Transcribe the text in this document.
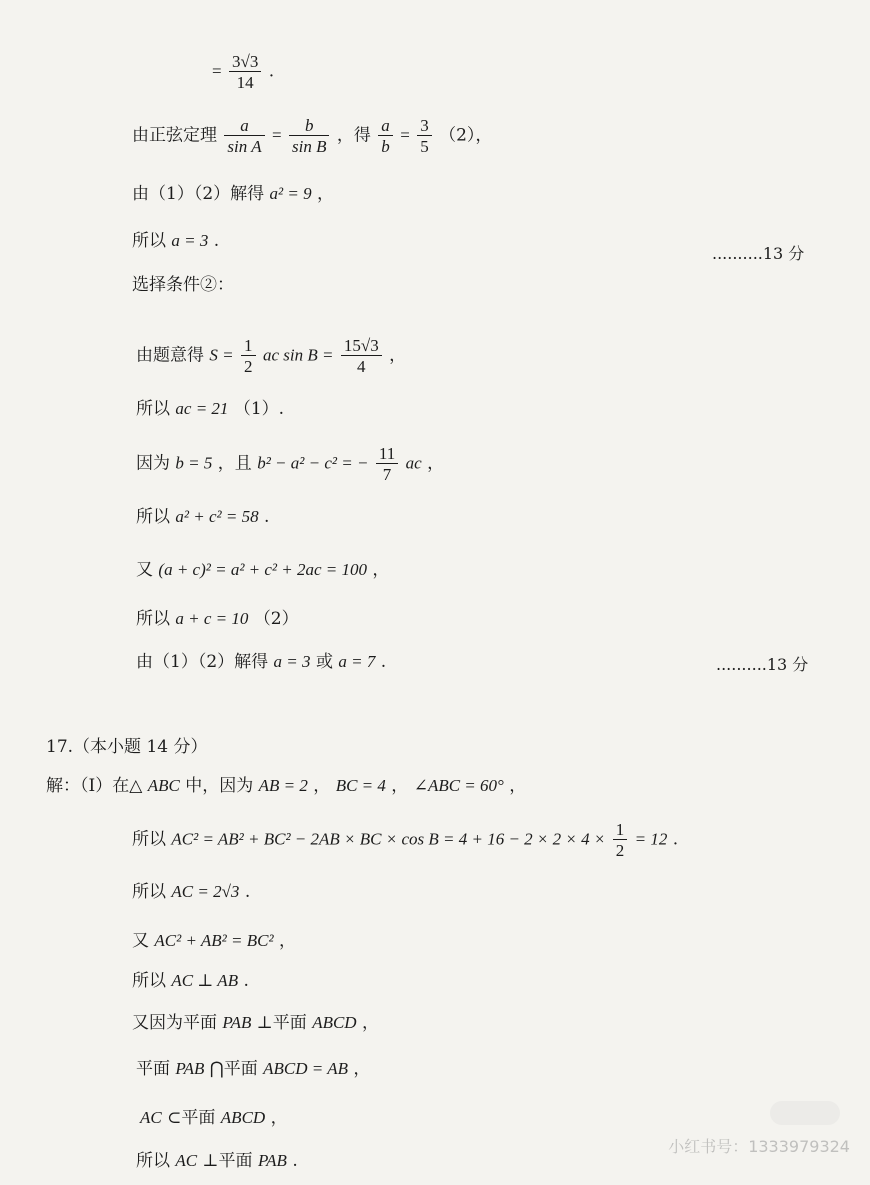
= $\frac{3√3}{14}$ .
由正弦定理 $\frac{a}{\text{sin A}} = \frac{b}{\text{sin B}}$ ，得 $\frac{a}{b} = \frac{3}{5} (2)$，
由（1）（2）解得 a² = 9 ，
所以 a = 3 .
..........13 分
选择条件②：
由题意得 $S = \frac{1}{2}$ ac $\sin B = \frac{15√3}{4}$ ，
所以 ac = 21 （1）.
因为 b = 5 ，且 b² − a² − c² = − $\frac{11}{7}$ ac ，
所以 a² + c² = 58 .
又 (a + c)² = a² + c² + 2ac = 100 ，
所以 a + c = 10 （2）
由（1）（2）解得 a = 3 或 a = 7 .	..........13 分
17.（本小题 14 分）
解：（Ⅰ）在△ ABC 中，因为 AB = 2 ， BC = 4 ， ∠ABC = 60° ，
所以 AC² = AB² + BC² − 2AB × BC × $\cos B = 4 + 16 - 2 \times 2 \times 4 \times \frac{1}{2} = 12$ .
所以 AC = 2√3 .
又 AC² + AB² = BC² ，
所以 AC ⊥ AB .
又因为平面 PAB ⊥平面 ABCD ，
平面 PAB ⋂平面 ABCD = AB ，
AC ⊂平面 ABCD ，
所以 AC ⊥平面 PAB .
小红书号：1333979324
